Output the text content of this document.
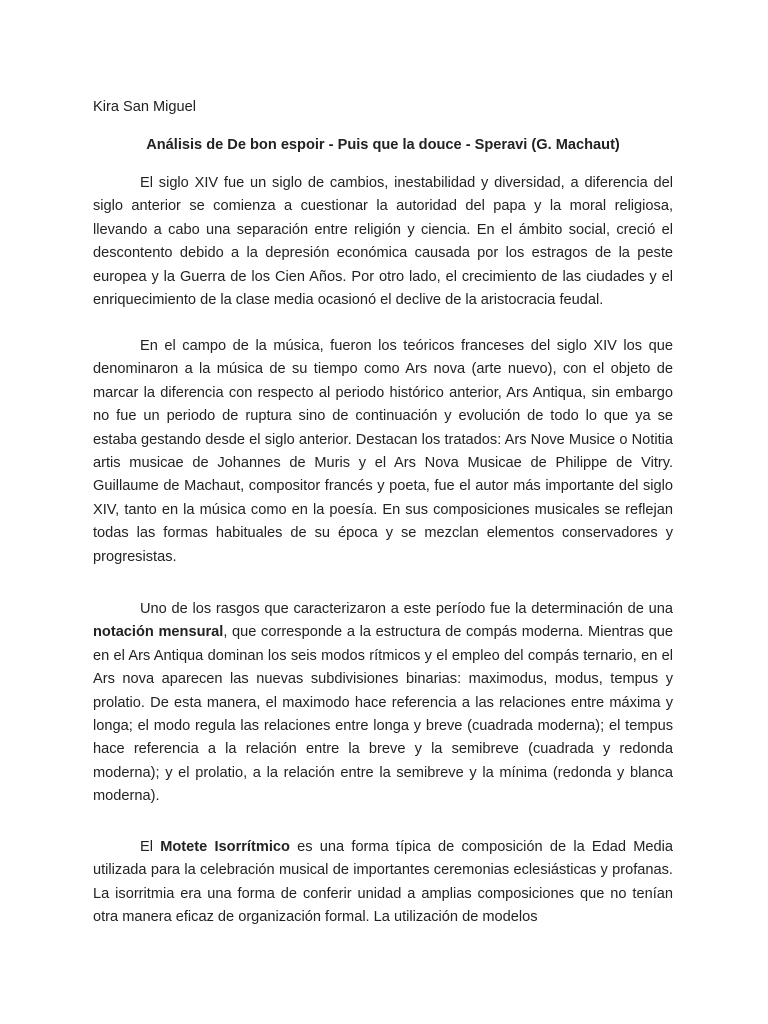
Kira San Miguel

Análisis de De bon espoir - Puis que la douce - Speravi (G. Machaut)

El siglo XIV fue un siglo de cambios, inestabilidad y diversidad, a diferencia del siglo anterior se comienza a cuestionar la autoridad del papa y la moral religiosa, llevando a cabo una separación entre religión y ciencia. En el ámbito social, creció el descontento debido a la depresión económica causada por los estragos de la peste europea y la Guerra de los Cien Años. Por otro lado, el crecimiento de las ciudades y el enriquecimiento de la clase media ocasionó el declive de la aristocracia feudal.

En el campo de la música, fueron los teóricos franceses del siglo XIV los que denominaron a la música de su tiempo como Ars nova (arte nuevo), con el objeto de marcar la diferencia con respecto al periodo histórico anterior, Ars Antiqua, sin embargo no fue un periodo de ruptura sino de continuación y evolución de todo lo que ya se estaba gestando desde el siglo anterior. Destacan los tratados: Ars Nove Musice o Notitia artis musicae de Johannes de Muris y el Ars Nova Musicae de Philippe de Vitry. Guillaume de Machaut, compositor francés y poeta, fue el autor más importante del siglo XIV, tanto en la música como en la poesía. En sus composiciones musicales se reflejan todas las formas habituales de su época y se mezclan elementos conservadores y progresistas.

Uno de los rasgos que caracterizaron a este período fue la determinación de una notación mensural, que corresponde a la estructura de compás moderna. Mientras que en el Ars Antiqua dominan los seis modos rítmicos y el empleo del compás ternario, en el Ars nova aparecen las nuevas subdivisiones binarias: maximodus, modus, tempus y prolatio. De esta manera, el maximodo hace referencia a las relaciones entre máxima y longa; el modo regula las relaciones entre longa y breve (cuadrada moderna); el tempus hace referencia a la relación entre la breve y la semibreve (cuadrada y redonda moderna); y el prolatio, a la relación entre la semibreve y la mínima (redonda y blanca moderna).

El Motete Isorrítmico es una forma típica de composición de la Edad Media utilizada para la celebración musical de importantes ceremonias eclesiásticas y profanas. La isorritmia era una forma de conferir unidad a amplias composiciones que no tenían otra manera eficaz de organización formal. La utilización de modelos
